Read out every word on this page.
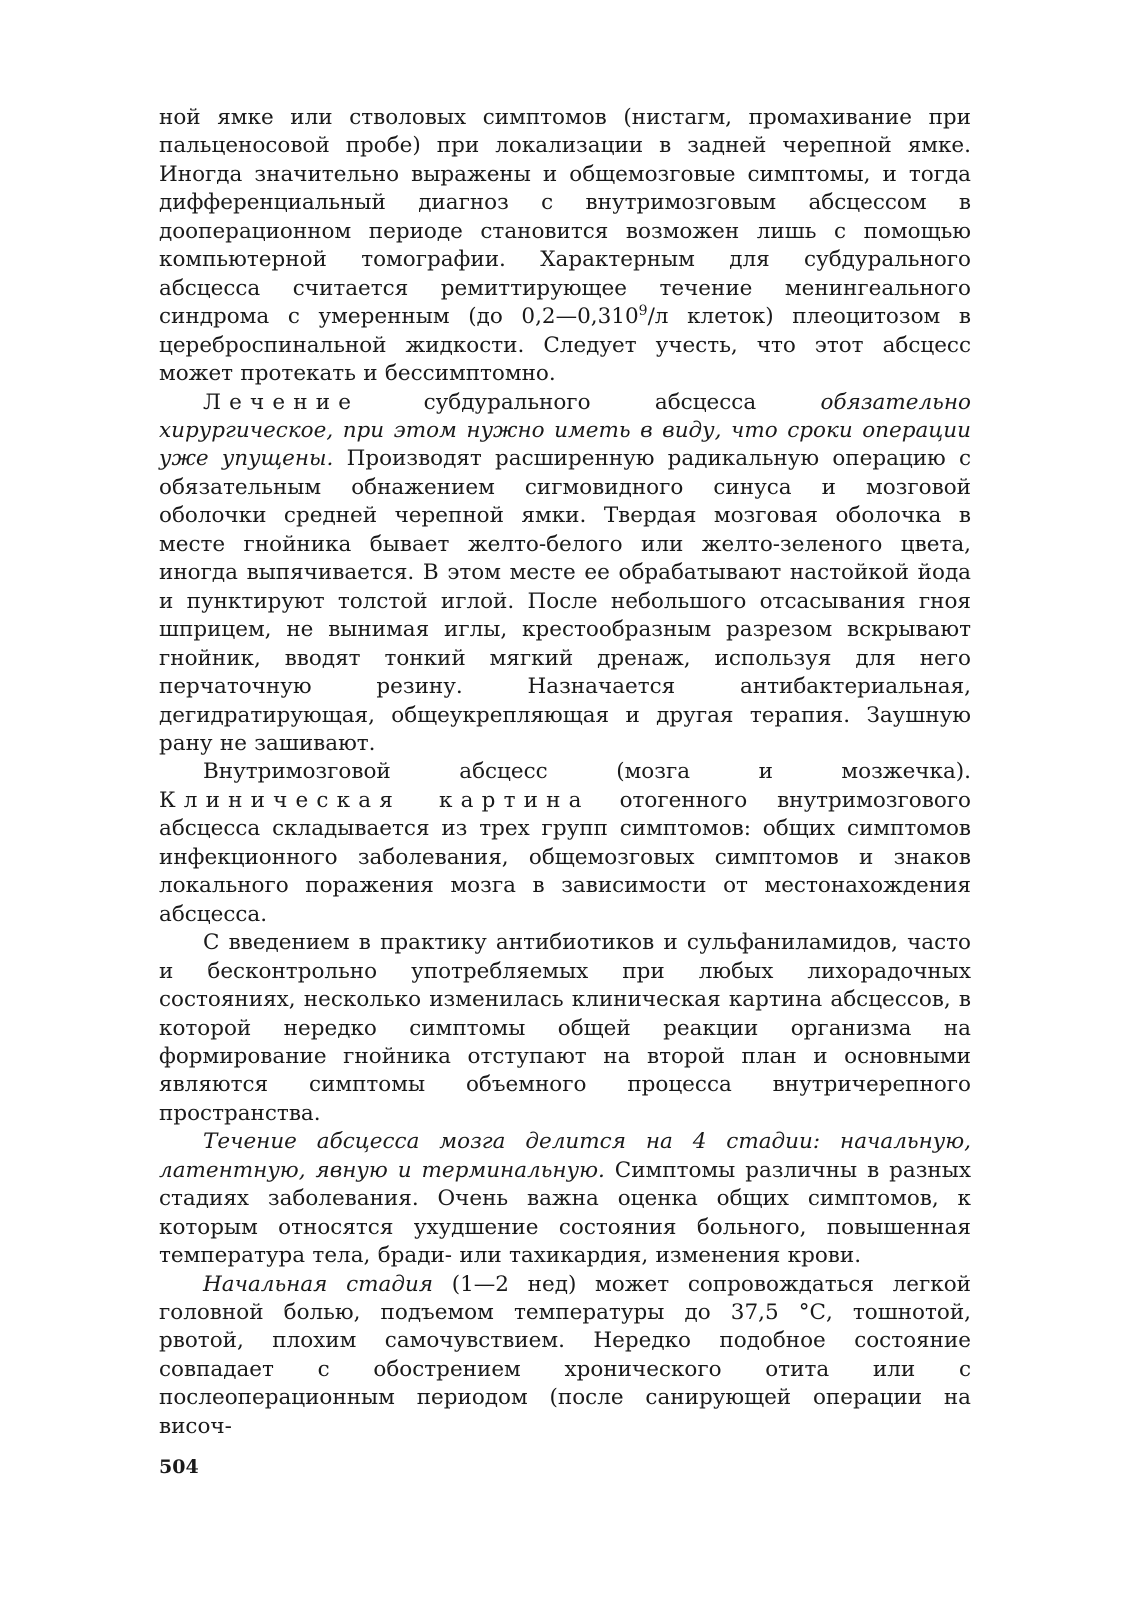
ной ямке или стволовых симптомов (нистагм, промахивание при пальценосовой пробе) при локализации в задней черепной ямке. Иногда значительно выражены и общемозговые симптомы, и тогда дифференциальный диагноз с внутримозговым абсцессом в дооперационном периоде становится возможен лишь с помощью компьютерной томографии. Характерным для субдурального абсцесса считается ремиттирующее течение менингеального синдрома с умеренным (до 0,2—0,310$^9$/л клеток) плеоцитозом в цереброспинальной жидкости. Следует учесть, что этот абсцесс может протекать и бессимптомно.

Лечение субдурального абсцесса обязательно хирургическое, при этом нужно иметь в виду, что сроки операции уже упущены. Производят расширенную радикальную операцию с обязательным обнажением сигмовидного синуса и мозговой оболочки средней черепной ямки. Твердая мозговая оболочка в месте гнойника бывает желто-белого или желто-зеленого цвета, иногда выпячивается. В этом месте ее обрабатывают настойкой йода и пунктируют толстой иглой. После небольшого отсасывания гноя шприцем, не вынимая иглы, крестообразным разрезом вскрывают гнойник, вводят тонкий мягкий дренаж, используя для него перчаточную резину. Назначается антибактериальная, дегидратирующая, общеукрепляющая и другая терапия. Заушную рану не зашивают.

Внутримозговой абсцесс (мозга и мозжечка). Клиническая картина отогенного внутримозгового абсцесса складывается из трех групп симптомов: общих симптомов инфекционного заболевания, общемозговых симптомов и знаков локального поражения мозга в зависимости от местонахождения абсцесса.

С введением в практику антибиотиков и сульфаниламидов, часто и бесконтрольно употребляемых при любых лихорадочных состояниях, несколько изменилась клиническая картина абсцессов, в которой нередко симптомы общей реакции организма на формирование гнойника отступают на второй план и основными являются симптомы объемного процесса внутричерепного пространства.

Течение абсцесса мозга делится на 4 стадии: начальную, латентную, явную и терминальную. Симптомы различны в разных стадиях заболевания. Очень важна оценка общих симптомов, к которым относятся ухудшение состояния больного, повышенная температура тела, бради- или тахикардия, изменения крови.

Начальная стадия (1—2 нед) может сопровождаться легкой головной болью, подъемом температуры до 37,5 °С, тошнотой, рвотой, плохим самочувствием. Нередко подобное состояние совпадает с обострением хронического отита или с послеоперационным периодом (после санирующей операции на височ-

504
